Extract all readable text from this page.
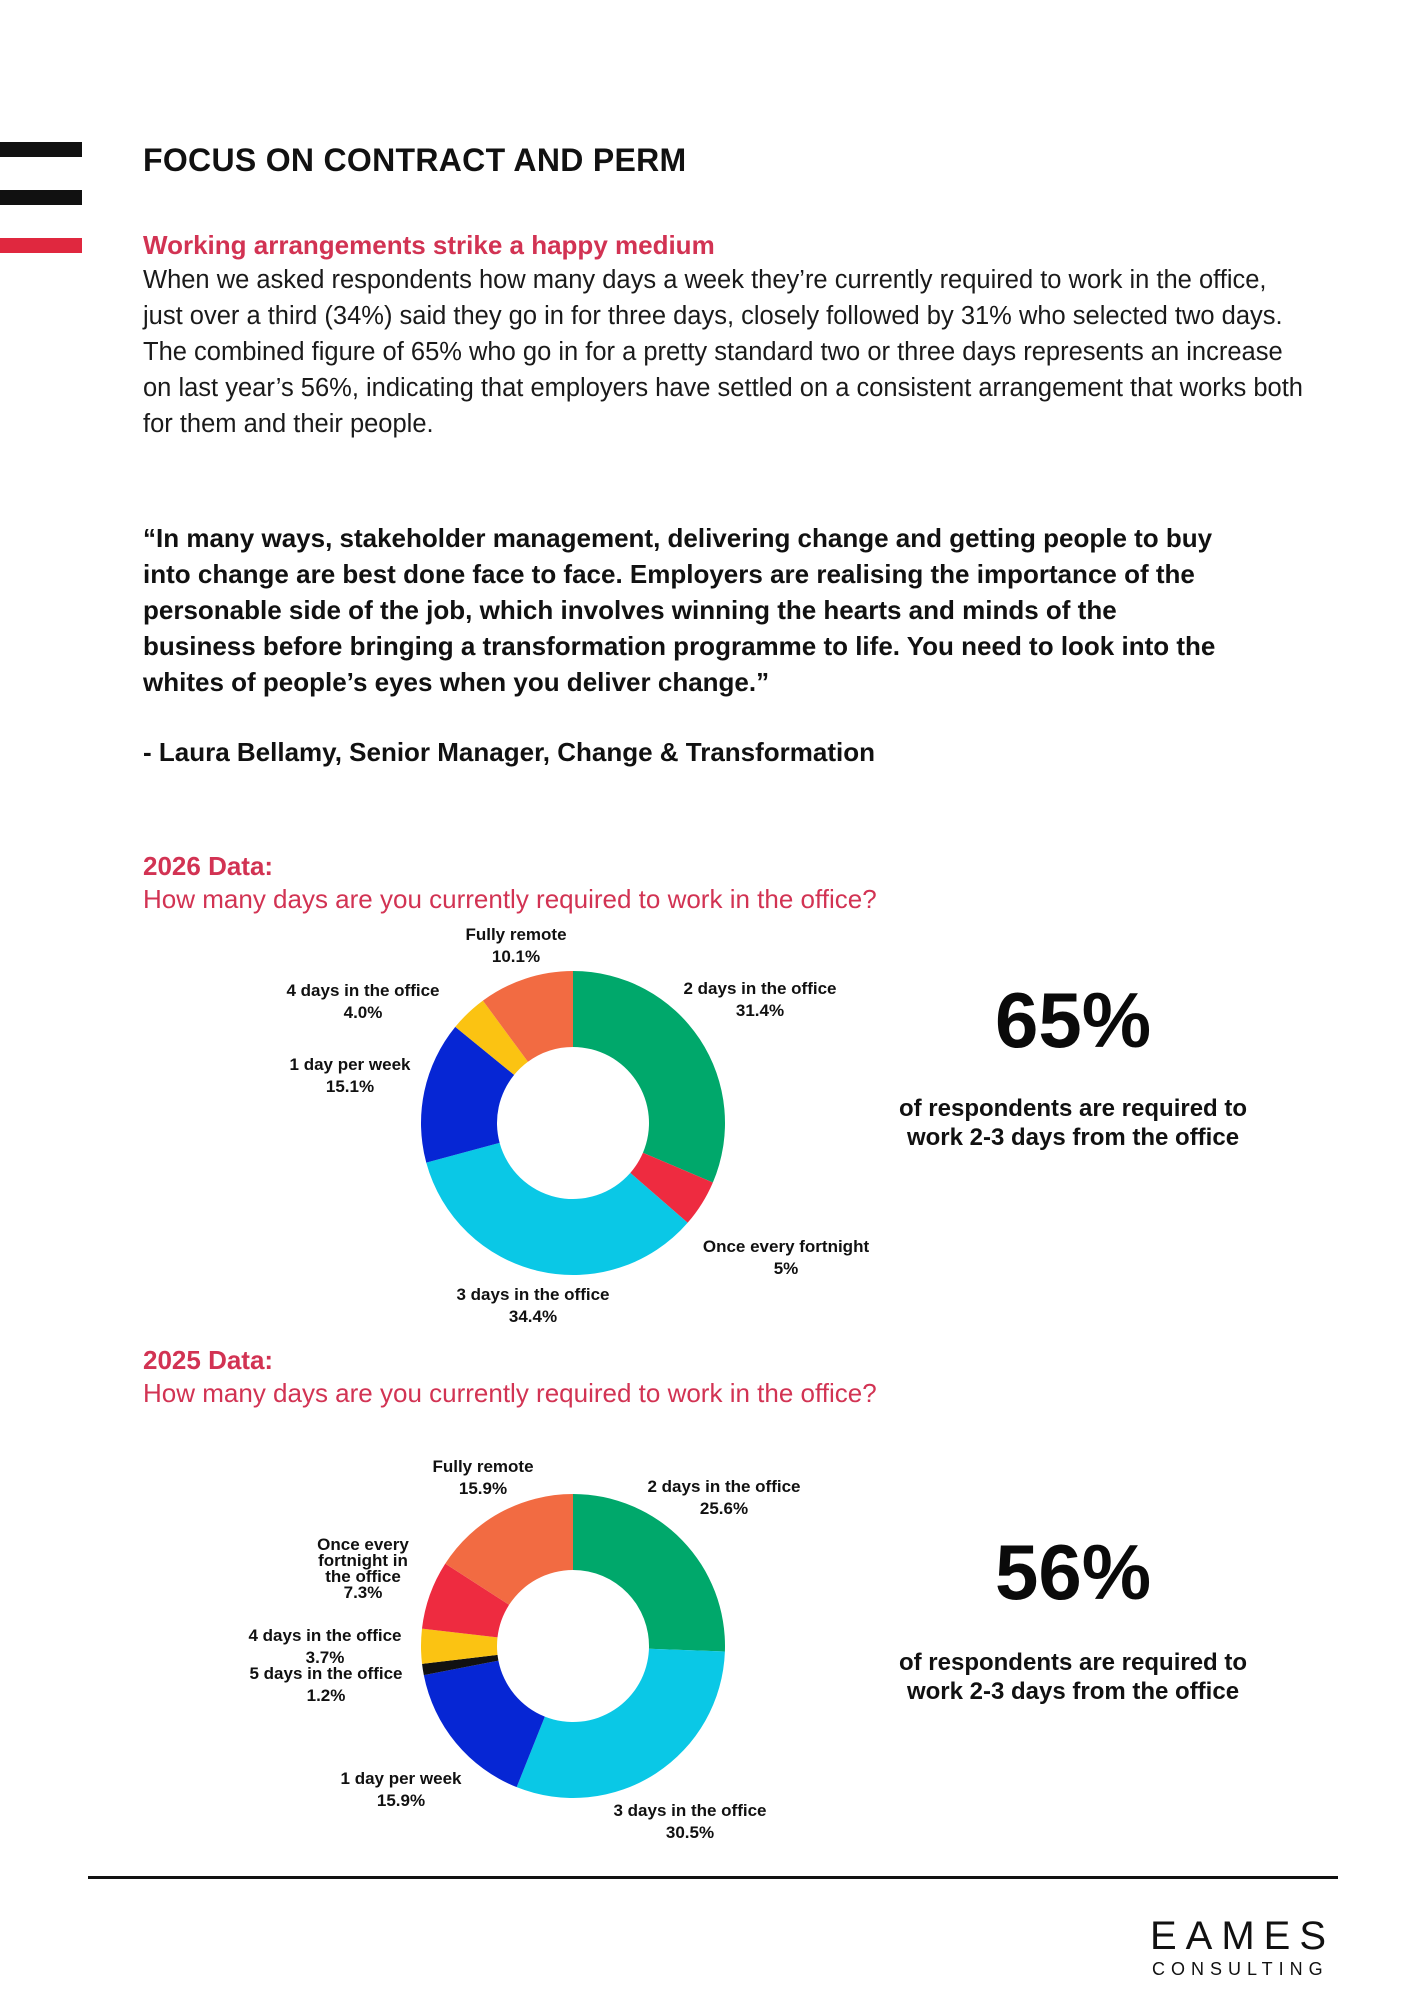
FOCUS ON CONTRACT AND PERM
Working arrangements strike a happy medium
When we asked respondents how many days a week they’re currently required to work in the office, just over a third (34%) said they go in for three days, closely followed by 31% who selected two days. The combined figure of 65% who go in for a pretty standard two or three days represents an increase on last year’s 56%, indicating that employers have settled on a consistent arrangement that works both for them and their people.
“In many ways, stakeholder management, delivering change and getting people to buy into change are best done face to face. Employers are realising the importance of the personable side of the job, which involves winning the hearts and minds of the business before bringing a transformation programme to life. You need to look into the whites of people’s eyes when you deliver change.”
- Laura Bellamy, Senior Manager, Change & Transformation
2026 Data:
How many days are you currently required to work in the office?
65%
of respondents are required to work 2-3 days from the office
2025 Data:
How many days are you currently required to work in the office?
56%
of respondents are required to work 2-3 days from the office
2 days in the office 31.4%
Once every fortnight 5%
3 days in the office 34.4%
1 day per week 15.1%
4 days in the office 4.0%
Fully remote 10.1%
2 days in the office 25.6%
3 days in the office 30.5%
1 day per week 15.9%
5 days in the office 1.2%
4 days in the office 3.7%
Once every fortnight in the office 7.3%
Fully remote 15.9%
EAMES
CONSULTING
